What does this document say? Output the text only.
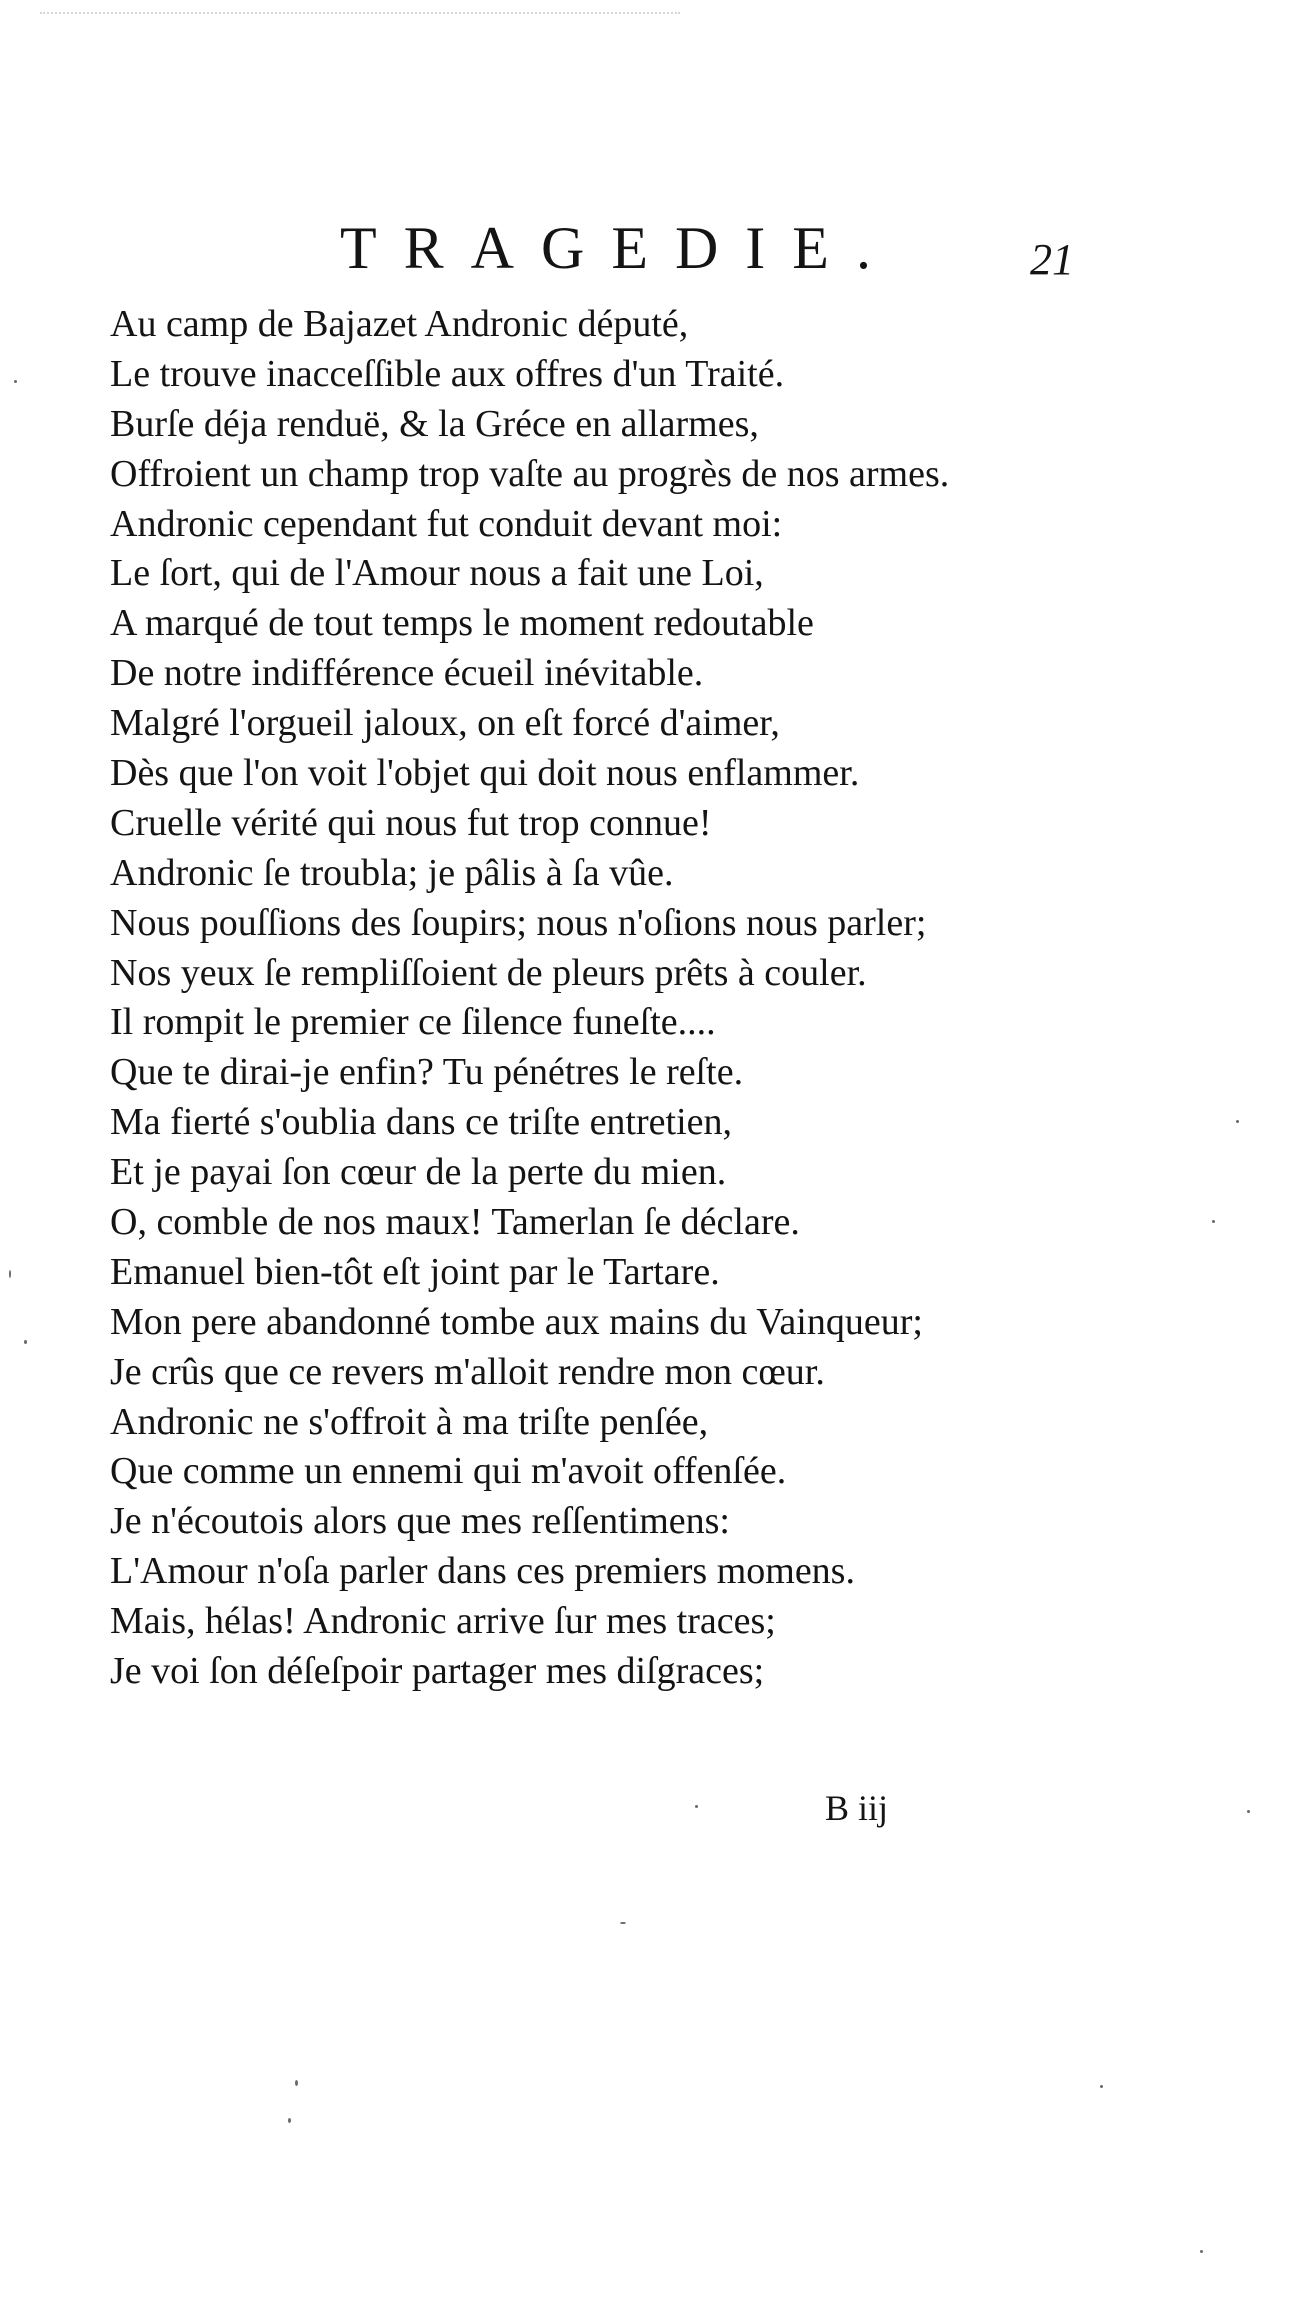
TRAGEDIE.	21
Au camp de Bajazet Andronic député,
Le trouve inacceſſible aux offres d'un Traité.
Burſe déja renduë, & la Gréce en allarmes,
Offroient un champ trop vaſte au progrès de nos armes.
Andronic cependant fut conduit devant moi:
Le ſort, qui de l'Amour nous a fait une Loi,
A marqué de tout temps le moment redoutable
De notre indifférence écueil inévitable.
Malgré l'orgueil jaloux, on eſt forcé d'aimer,
Dès que l'on voit l'objet qui doit nous enflammer.
Cruelle vérité qui nous fut trop connue!
Andronic ſe troubla; je pâlis à ſa vûe.
Nous pouſſions des ſoupirs; nous n'oſions nous parler;
Nos yeux ſe rempliſſoient de pleurs prêts à couler.
Il rompit le premier ce ſilence funeſte....
Que te dirai-je enfin? Tu pénétres le reſte.
Ma fierté s'oublia dans ce triſte entretien,
Et je payai ſon cœur de la perte du mien.
O, comble de nos maux! Tamerlan ſe déclare.
Emanuel bien-tôt eſt joint par le Tartare.
Mon pere abandonné tombe aux mains du Vainqueur;
Je crûs que ce revers m'alloit rendre mon cœur.
Andronic ne s'offroit à ma triſte penſée,
Que comme un ennemi qui m'avoit offenſée.
Je n'écoutois alors que mes reſſentimens:
L'Amour n'oſa parler dans ces premiers momens.
Mais, hélas! Andronic arrive ſur mes traces;
Je voi ſon déſeſpoir partager mes diſgraces;
B iij
